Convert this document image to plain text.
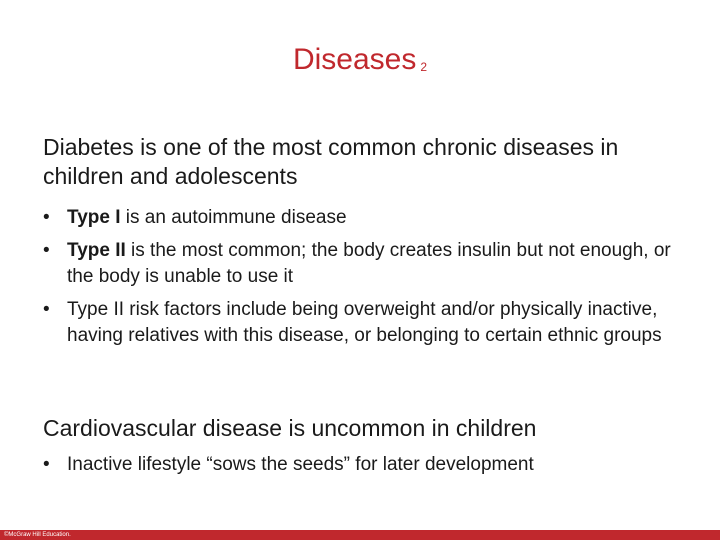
Diseases 2

Diabetes is one of the most common chronic diseases in children and adolescents

• Type I is an autoimmune disease
• Type II is the most common; the body creates insulin but not enough, or the body is unable to use it
• Type II risk factors include being overweight and/or physically inactive, having relatives with this disease, or belonging to certain ethnic groups

Cardiovascular disease is uncommon in children

• Inactive lifestyle “sows the seeds” for later development
©McGraw Hill Education.
